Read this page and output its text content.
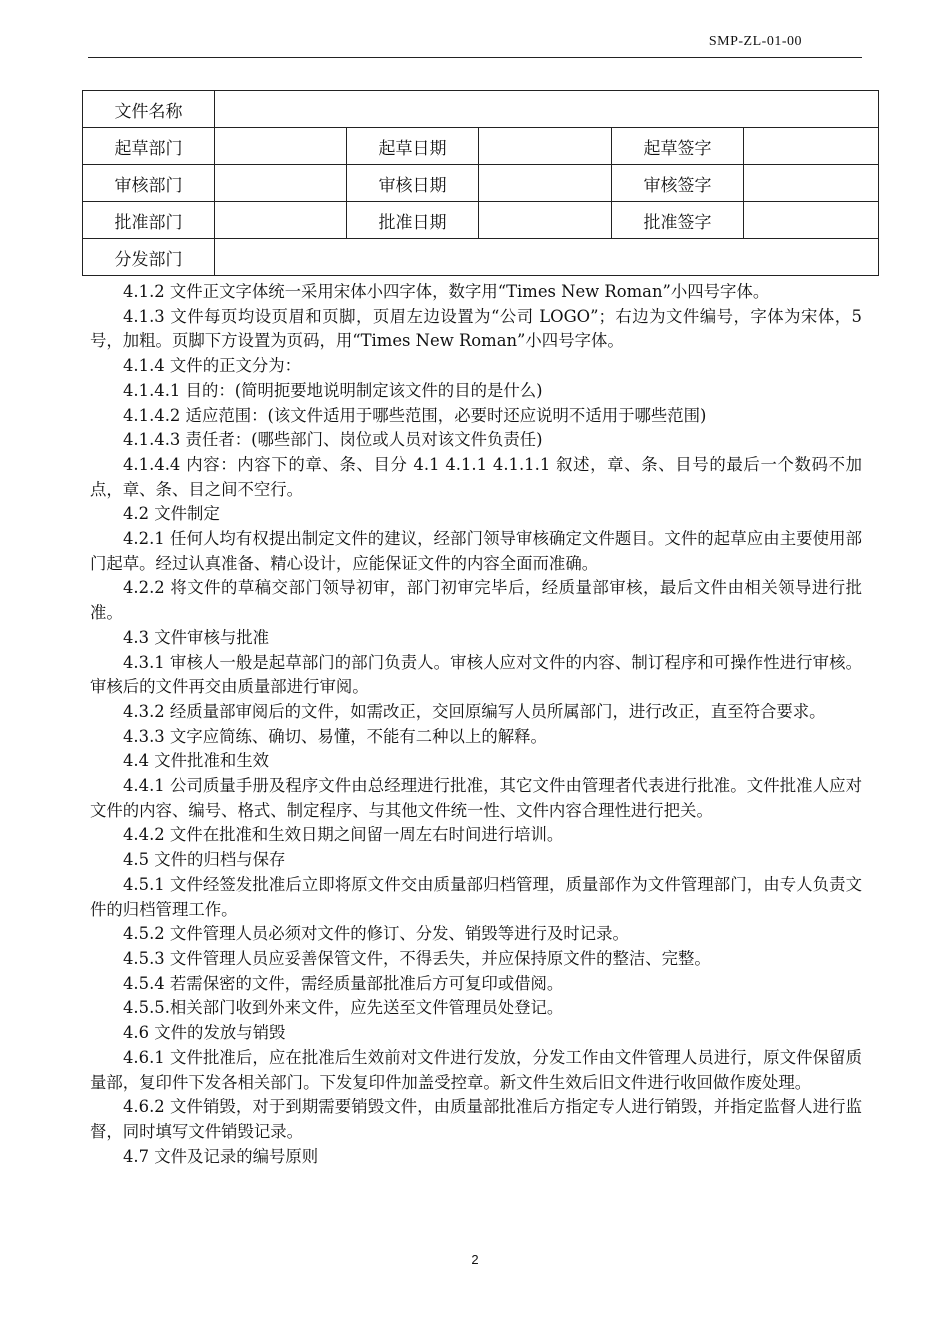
SMP-ZL-01-00
文件名称					
起草部门		起草日期		起草签字	
审核部门		审核日期		审核签字	
批准部门		批准日期		批准签字	
分发部门					

4.1.2 文件正文字体统一采用宋体小四字体，数字用“Times New Roman”小四号字体。

4.1.3 文件每页均设页眉和页脚，页眉左边设置为“公司 LOGO”；右边为文件编号，字体为宋体，5 号，加粗。页脚下方设置为页码，用“Times New Roman”小四号字体。

4.1.4 文件的正文分为：

4.1.4.1 目的：(简明扼要地说明制定该文件的目的是什么)

4.1.4.2 适应范围：(该文件适用于哪些范围，必要时还应说明不适用于哪些范围)

4.1.4.3 责任者：(哪些部门、岗位或人员对该文件负责任)

4.1.4.4 内容：内容下的章、条、目分 4.1 4.1.1 4.1.1.1 叙述，章、条、目号的最后一个数码不加点，章、条、目之间不空行。

4.2 文件制定

4.2.1 任何人均有权提出制定文件的建议，经部门领导审核确定文件题目。文件的起草应由主要使用部门起草。经过认真准备、精心设计，应能保证文件的内容全面而准确。

4.2.2 将文件的草稿交部门领导初审，部门初审完毕后，经质量部审核，最后文件由相关领导进行批准。

4.3 文件审核与批准

4.3.1 审核人一般是起草部门的部门负责人。审核人应对文件的内容、制订程序和可操作性进行审核。审核后的文件再交由质量部进行审阅。

4.3.2 经质量部审阅后的文件，如需改正，交回原编写人员所属部门，进行改正，直至符合要求。

4.3.3 文字应简练、确切、易懂，不能有二种以上的解释。

4.4 文件批准和生效

4.4.1 公司质量手册及程序文件由总经理进行批准，其它文件由管理者代表进行批准。文件批准人应对文件的内容、编号、格式、制定程序、与其他文件统一性、文件内容合理性进行把关。

4.4.2 文件在批准和生效日期之间留一周左右时间进行培训。

4.5 文件的归档与保存

4.5.1 文件经签发批准后立即将原文件交由质量部归档管理，质量部作为文件管理部门，由专人负责文件的归档管理工作。

4.5.2 文件管理人员必须对文件的修订、分发、销毁等进行及时记录。

4.5.3 文件管理人员应妥善保管文件，不得丢失，并应保持原文件的整洁、完整。

4.5.4 若需保密的文件，需经质量部批准后方可复印或借阅。

4.5.5.相关部门收到外来文件，应先送至文件管理员处登记。

4.6 文件的发放与销毁

4.6.1 文件批准后，应在批准后生效前对文件进行发放，分发工作由文件管理人员进行，原文件保留质量部，复印件下发各相关部门。下发复印件加盖受控章。新文件生效后旧文件进行收回做作废处理。

4.6.2 文件销毁，对于到期需要销毁文件，由质量部批准后方指定专人进行销毁，并指定监督人进行监督，同时填写文件销毁记录。

4.7 文件及记录的编号原则

2
